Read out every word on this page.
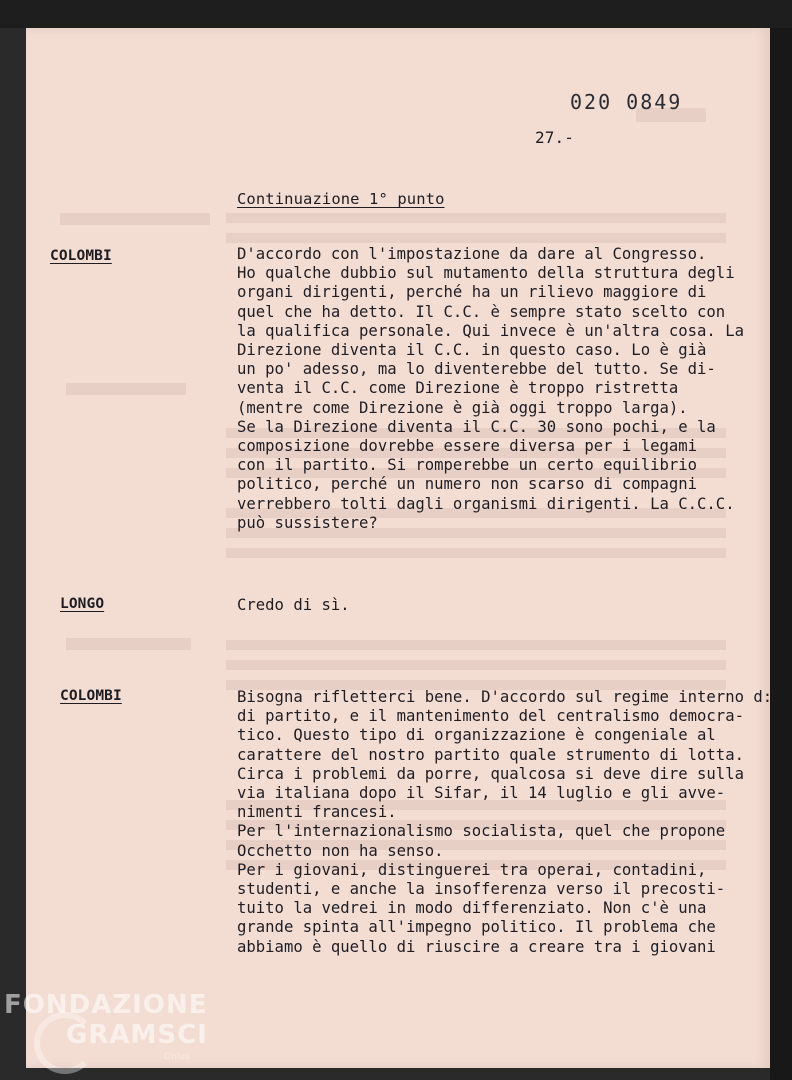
020 0849
27.-
Continuazione 1° punto
COLOMBI	D'accordo con l'impostazione da dare al Congresso.
Ho qualche dubbio sul mutamento della struttura degli
organi dirigenti, perché ha un rilievo maggiore di
quel che ha detto. Il C.C. è sempre stato scelto con
la qualifica personale. Qui invece è un'altra cosa. La
Direzione diventa il C.C. in questo caso. Lo è già
un po' adesso, ma lo diventerebbe del tutto. Se di-
venta il C.C. come Direzione è troppo ristretta
(mentre come Direzione è già oggi troppo larga).
Se la Direzione diventa il C.C. 30 sono pochi, e la
composizione dovrebbe essere diversa per i legami
con il partito. Si romperebbe un certo equilibrio
politico, perché un numero non scarso di compagni
verrebbero tolti dagli organismi dirigenti. La C.C.C.
può sussistere?
LONGO	Credo di sì.
COLOMBI	Bisogna rifletterci bene. D'accordo sul regime interno d:
di partito, e il mantenimento del centralismo democra-
tico. Questo tipo di organizzazione è congeniale al
carattere del nostro partito quale strumento di lotta.
Circa i problemi da porre, qualcosa si deve dire sulla
via italiana dopo il Sifar, il 14 luglio e gli avve-
nimenti francesi.
Per l'internazionalismo socialista, quel che propone
Occhetto non ha senso.
Per i giovani, distinguerei tra operai, contadini,
studenti, e anche la insofferenza verso il precosti-
tuito la vedrei in modo differenziato. Non c'è una
grande spinta all'impegno politico. Il problema che
abbiamo è quello di riuscire a creare tra i giovani
FONDAZIONE
GRAMSCI
Onlus
